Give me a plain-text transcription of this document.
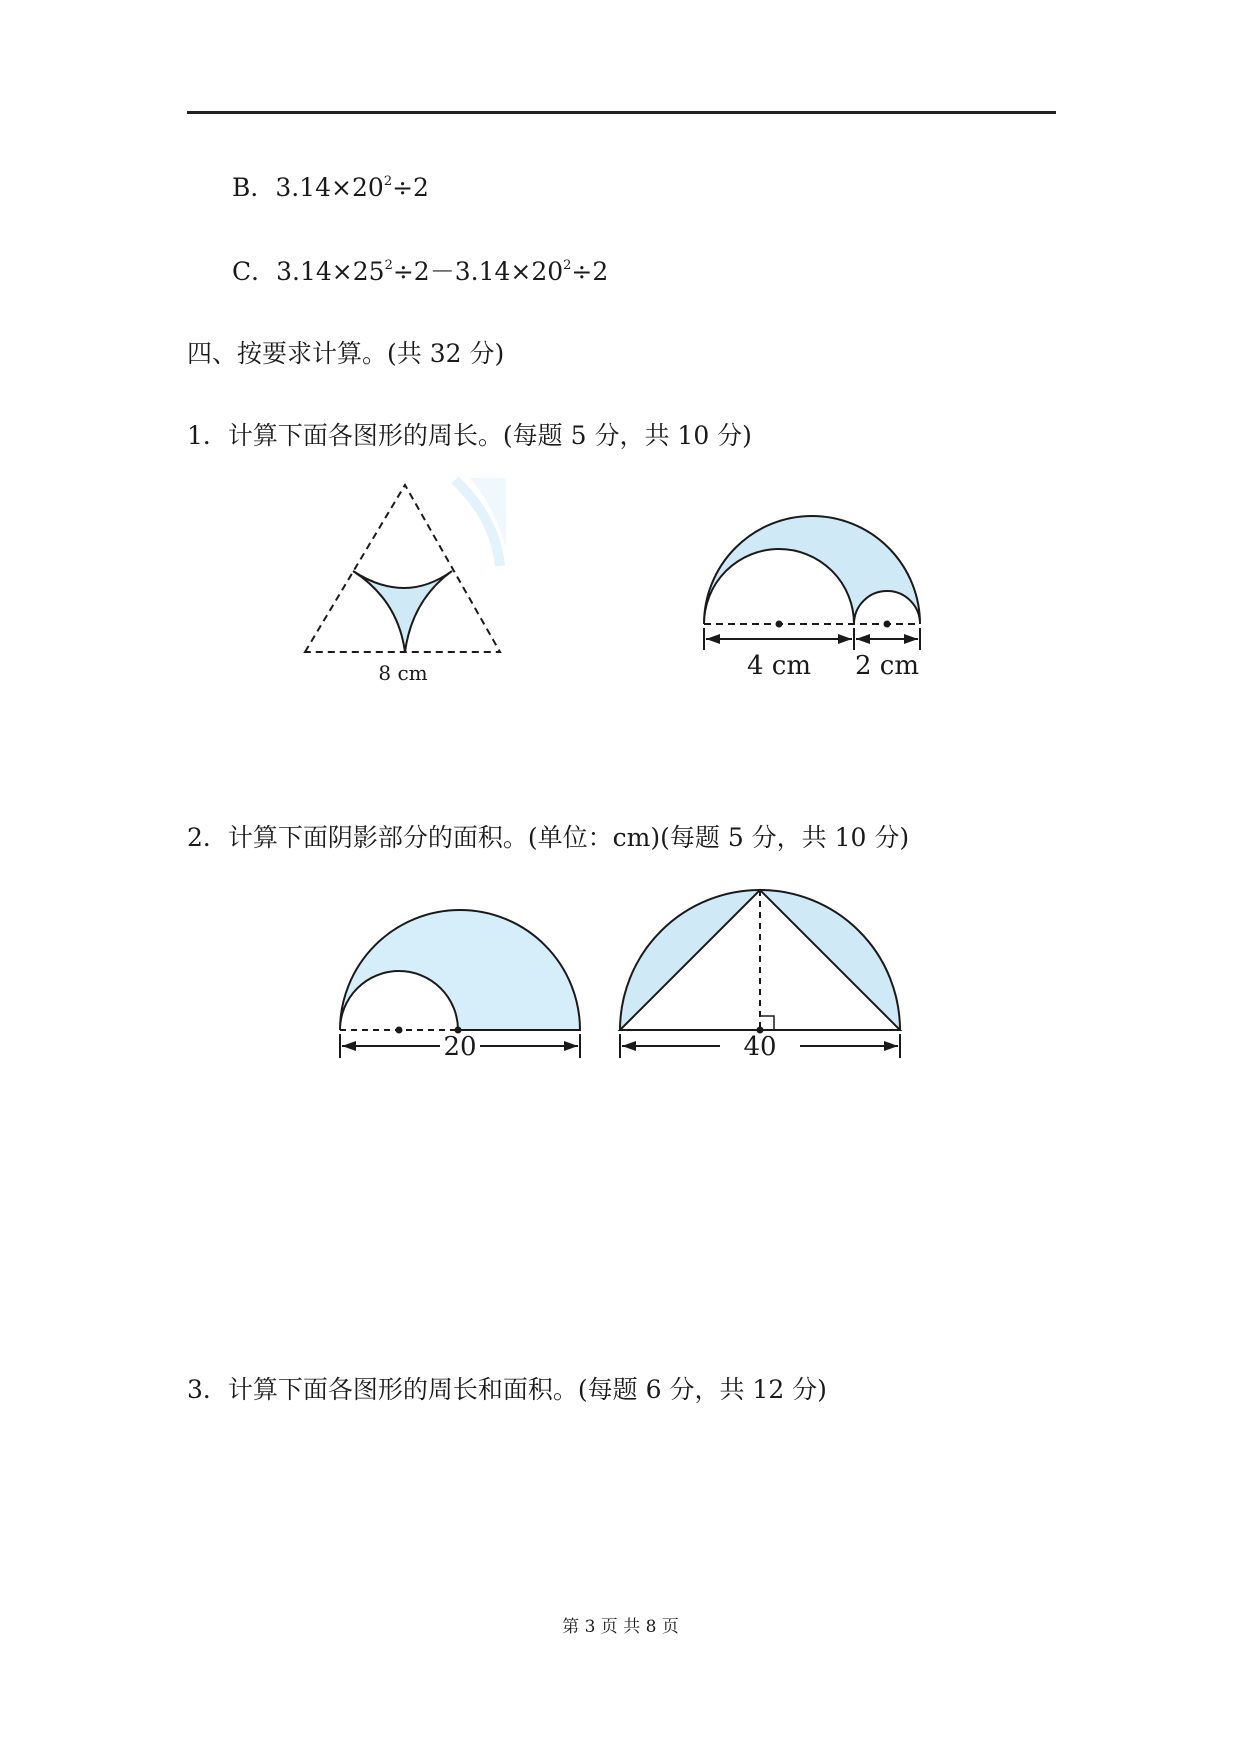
B．$3.14\times 20^2\div 2$
C．$3.14\times 25^2\div 2-3.14\times 20^2\div 2$
四、按要求计算。(共 32 分)
1．计算下面各图形的周长。(每题 5 分，共 10 分)
8 cm	4 cm 2 cm
2．计算下面阴影部分的面积。(单位：cm)(每题 5 分，共 10 分)
20	40
3．计算下面各图形的周长和面积。(每题 6 分，共 12 分)
第 3 页 共 8 页
